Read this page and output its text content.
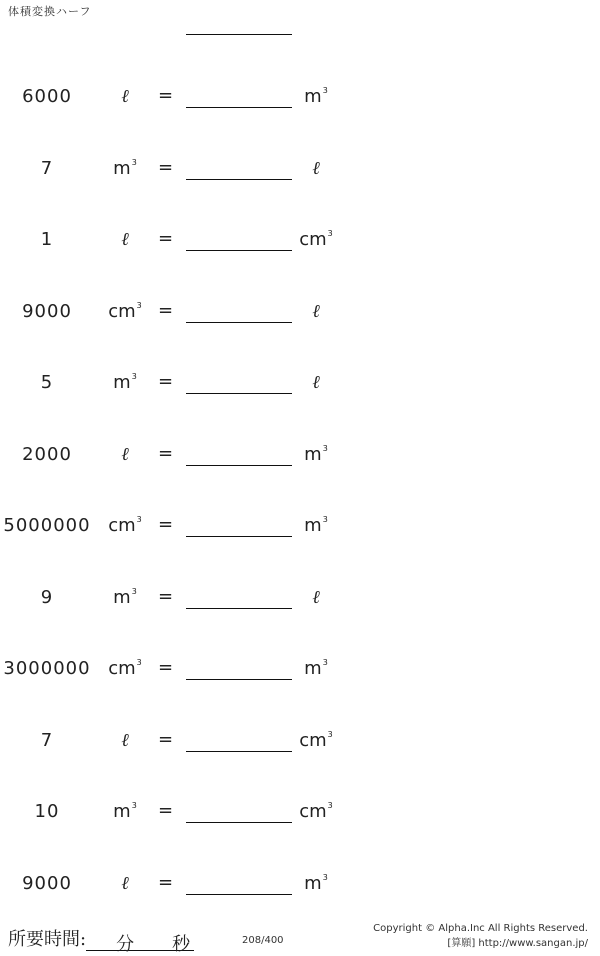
体積変換ハーフ
6000	ℓ	=	$m^3$
7	$m^3$ =	ℓ
1	ℓ	=	$cm^3$
9000	$cm^3$ =	ℓ
5	$m^3$ =	ℓ
2000	ℓ	=	$m^3$
5000000 $cm^3$ =	$m^3$
9	$m^3$ =	ℓ
3000000 $cm^3$ =	$m^3$
7	ℓ	=	$cm^3$
10	$m^3$ =	$cm^3$
9000	ℓ	=	$m^3$
所要時間: 分 秒	208/400
Copyright © Alpha.Inc All Rights Reserved.
[算願] http://www.sangan.jp/
